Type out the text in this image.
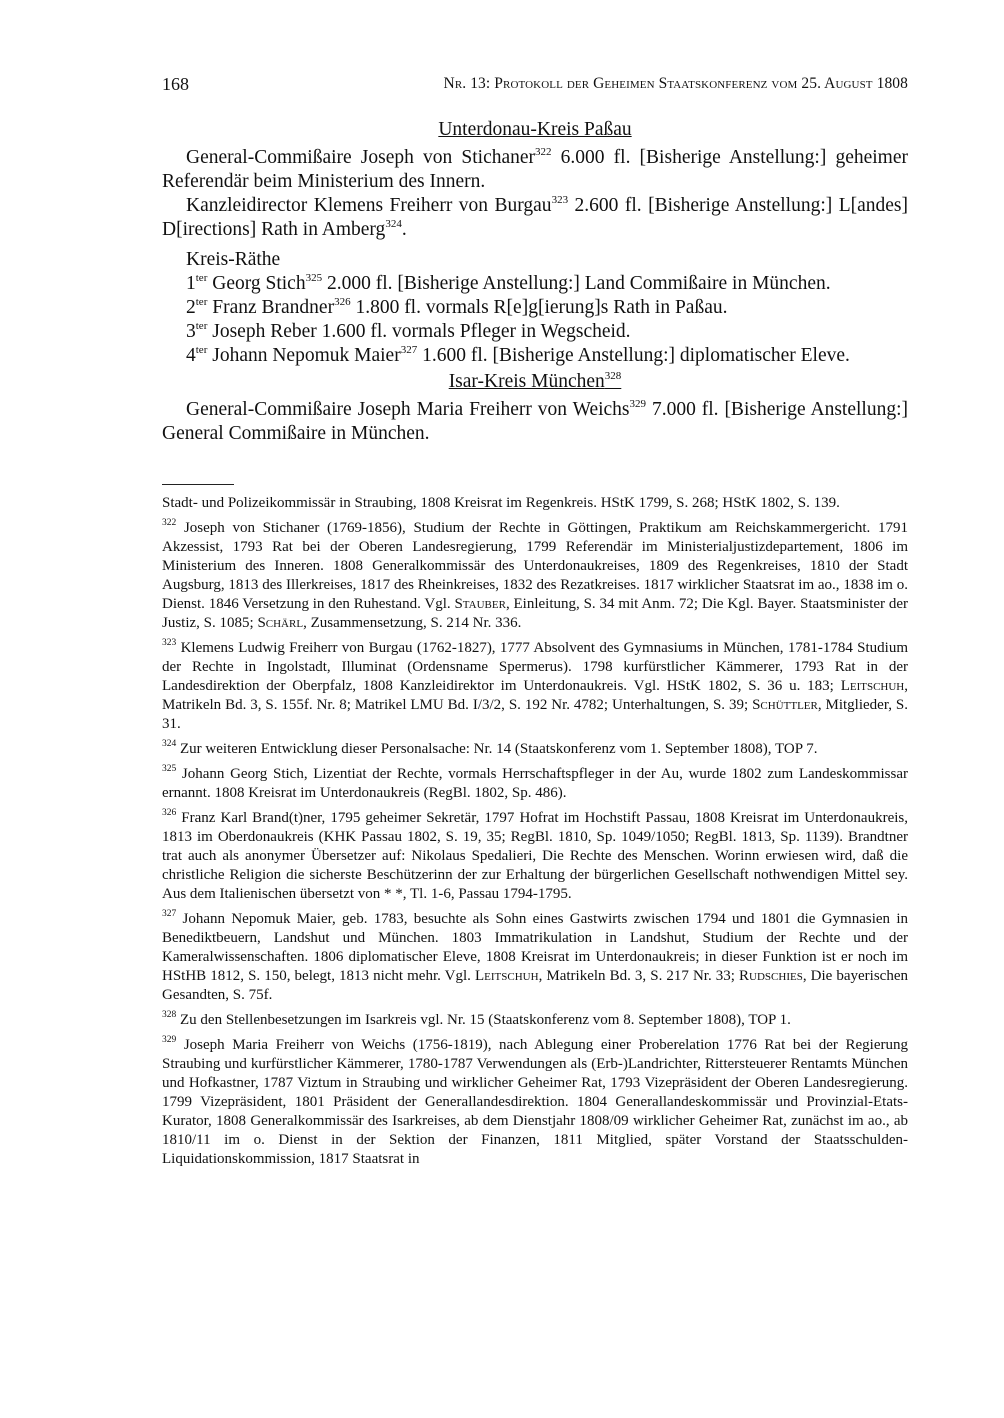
168	Nr. 13: Protokoll der Geheimen Staatskonferenz vom 25. August 1808

Unterdonau-Kreis Paßau

General-Commißaire Joseph von Stichaner$^{322}$ 6.000 fl. [Bisherige Anstellung:] geheimer Referendär beim Ministerium des Innern.

Kanzleidirector Klemens Freiherr von Burgau$^{323}$ 2.600 fl. [Bisherige Anstellung:] L[andes] D[irections] Rath in Amberg$^{324}$.

Kreis-Räthe

$1^{ter}$ Georg Stich$^{325}$ 2.000 fl. [Bisherige Anstellung:] Land Commißaire in München.

$2^{ter}$ Franz Brandner$^{326}$ 1.800 fl. vormals R[e]g[ierung]s Rath in Paßau.

$3^{ter}$ Joseph Reber 1.600 fl. vormals Pfleger in Wegscheid.

$4^{ter}$ Johann Nepomuk Maier$^{327}$ 1.600 fl. [Bisherige Anstellung:] diplomatischer Eleve.

Isar-Kreis München$^{328}$

General-Commißaire Joseph Maria Freiherr von Weichs$^{329}$ 7.000 fl. [Bisherige Anstellung:] General Commißaire in München.

Stadt- und Polizeikommissär in Straubing, 1808 Kreisrat im Regenkreis. HStK 1799, S. 268; HStK 1802, S. 139.

$^{322}$ Joseph von Stichaner (1769-1856), Studium der Rechte in Göttingen, Praktikum am Reichskammergericht. 1791 Akzessist, 1793 Rat bei der Oberen Landesregierung, 1799 Referendär im Ministerialjustizdepartement, 1806 im Ministerium des Inneren. 1808 Generalkommissär des Unterdonaukreises, 1809 des Regenkreises, 1810 der Stadt Augsburg, 1813 des Illerkreises, 1817 des Rheinkreises, 1832 des Rezatkreises. 1817 wirklicher Staatsrat im ao., 1838 im o. Dienst. 1846 Versetzung in den Ruhestand. Vgl. Stauber, Einleitung, S. 34 mit Anm. 72; Die Kgl. Bayer. Staatsminister der Justiz, S. 1085; Schärl, Zusammensetzung, S. 214 Nr. 336.

$^{323}$ Klemens Ludwig Freiherr von Burgau (1762-1827), 1777 Absolvent des Gymnasiums in München, 1781-1784 Studium der Rechte in Ingolstadt, Illuminat (Ordensname Spermerus). 1798 kurfürstlicher Kämmerer, 1793 Rat in der Landesdirektion der Oberpfalz, 1808 Kanzleidirektor im Unterdonaukreis. Vgl. HStK 1802, S. 36 u. 183; Leitschuh, Matrikeln Bd. 3, S. 155f. Nr. 8; Matrikel LMU Bd. I/3/2, S. 192 Nr. 4782; Unterhaltungen, S. 39; Schüttler, Mitglieder, S. 31.

$^{324}$ Zur weiteren Entwicklung dieser Personalsache: Nr. 14 (Staatskonferenz vom 1. September 1808), TOP 7.

$^{325}$ Johann Georg Stich, Lizentiat der Rechte, vormals Herrschaftspfleger in der Au, wurde 1802 zum Landeskommissar ernannt. 1808 Kreisrat im Unterdonaukreis (RegBl. 1802, Sp. 486).

$^{326}$ Franz Karl Brand(t)ner, 1795 geheimer Sekretär, 1797 Hofrat im Hochstift Passau, 1808 Kreisrat im Unterdonaukreis, 1813 im Oberdonaukreis (KHK Passau 1802, S. 19, 35; RegBl. 1810, Sp. 1049/1050; RegBl. 1813, Sp. 1139). Brandtner trat auch als anonymer Übersetzer auf: Nikolaus Spedalieri, Die Rechte des Menschen. Worinn erwiesen wird, daß die christliche Religion die sicherste Beschützerinn der zur Erhaltung der bürgerlichen Gesellschaft nothwendigen Mittel sey. Aus dem Italienischen übersetzt von * *, Tl. 1-6, Passau 1794-1795.

$^{327}$ Johann Nepomuk Maier, geb. 1783, besuchte als Sohn eines Gastwirts zwischen 1794 und 1801 die Gymnasien in Benediktbeuern, Landshut und München. 1803 Immatrikulation in Landshut, Studium der Rechte und der Kameralwissenschaften. 1806 diplomatischer Eleve, 1808 Kreisrat im Unterdonaukreis; in dieser Funktion ist er noch im HStHB 1812, S. 150, belegt, 1813 nicht mehr. Vgl. Leitschuh, Matrikeln Bd. 3, S. 217 Nr. 33; Rudschies, Die bayerischen Gesandten, S. 75f.

$^{328}$ Zu den Stellenbesetzungen im Isarkreis vgl. Nr. 15 (Staatskonferenz vom 8. September 1808), TOP 1.

$^{329}$ Joseph Maria Freiherr von Weichs (1756-1819), nach Ablegung einer Proberelation 1776 Rat bei der Regierung Straubing und kurfürstlicher Kämmerer, 1780-1787 Verwendungen als (Erb-)Landrichter, Rittersteuerer Rentamts München und Hofkastner, 1787 Viztum in Straubing und wirklicher Geheimer Rat, 1793 Vizepräsident der Oberen Landesregierung. 1799 Vizepräsident, 1801 Präsident der Generallandesdirektion. 1804 Generallandeskommissär und Provinzial-Etats-Kurator, 1808 Generalkommissär des Isarkreises, ab dem Dienstjahr 1808/09 wirklicher Geheimer Rat, zunächst im ao., ab 1810/11 im o. Dienst in der Sektion der Finanzen, 1811 Mitglied, später Vorstand der Staatsschulden-Liquidationskommission, 1817 Staatsrat in
